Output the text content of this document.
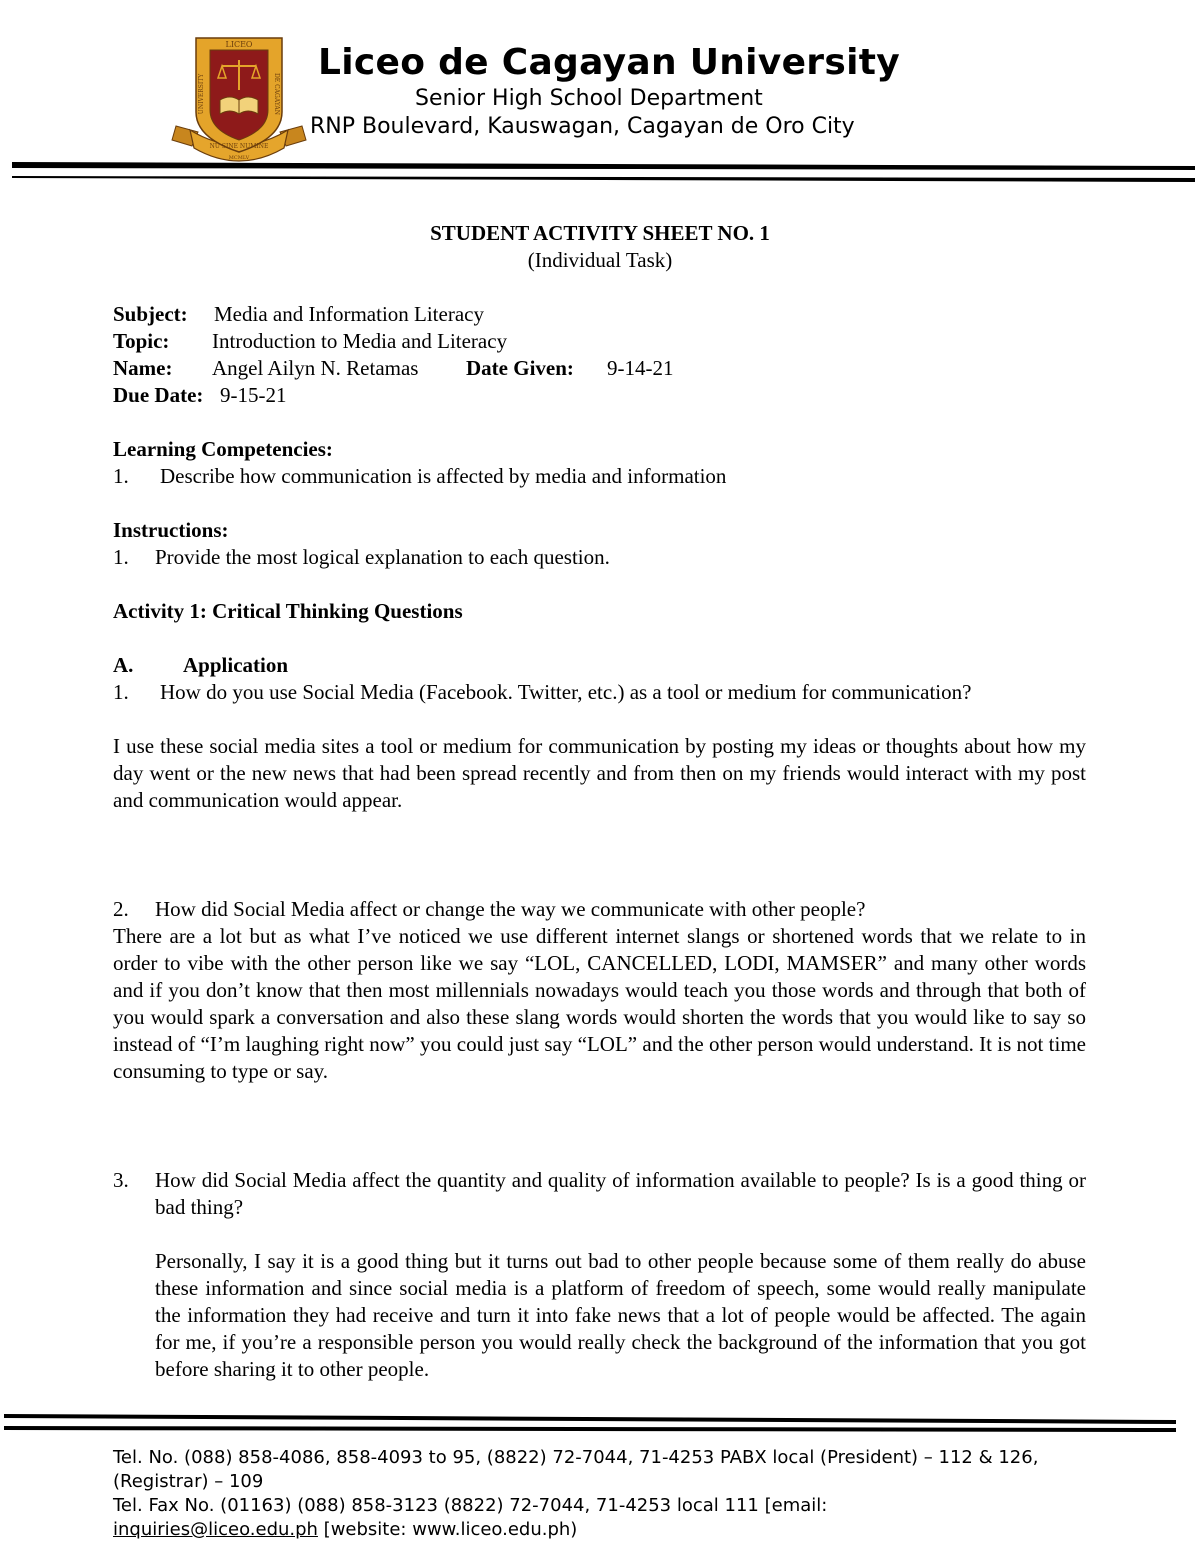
LICEO
NU SINE NUMINE
MCMLV
UNIVERSITY	DE CAGAYAN
Liceo de Cagayan University
Senior High School Department
RNP Boulevard, Kauswagan, Cagayan de Oro City
STUDENT ACTIVITY SHEET NO. 1
(Individual Task)
Subject: Media and Information Literacy
Topic: Introduction to Media and Literacy
Name: Angel Ailyn N. Retamas Date Given: 9-14-21
Due Date: 9-15-21
Learning Competencies:
1. Describe how communication is affected by media and information
Instructions:
1. Provide the most logical explanation to each question.
Activity 1: Critical Thinking Questions
A. Application
1. How do you use Social Media (Facebook. Twitter, etc.) as a tool or medium for communication?
I use these social media sites a tool or medium for communication by posting my ideas or thoughts about how my day went or the new news that had been spread recently and from then on my friends would interact with my post and communication would appear.
2. How did Social Media affect or change the way we communicate with other people?
There are a lot but as what I’ve noticed we use different internet slangs or shortened words that we relate to in order to vibe with the other person like we say “LOL, CANCELLED, LODI, MAMSER” and many other words and if you don’t know that then most millennials nowadays would teach you those words and through that both of you would spark a conversation and also these slang words would shorten the words that you would like to say so instead of “I’m laughing right now” you could just say “LOL” and the other person would understand. It is not time consuming to type or say.
3. How did Social Media affect the quantity and quality of information available to people? Is is a good thing or bad thing?
Personally, I say it is a good thing but it turns out bad to other people because some of them really do abuse these information and since social media is a platform of freedom of speech, some would really manipulate the information they had receive and turn it into fake news that a lot of people would be affected. The again for me, if you’re a responsible person you would really check the background of the information that you got before sharing it to other people.
Tel. No. (088) 858-4086, 858-4093 to 95, (8822) 72-7044, 71-4253 PABX local (President) – 112 & 126, (Registrar) – 109
Tel. Fax No. (01163) (088) 858-3123 (8822) 72-7044, 71-4253 local 111 [email:
inquiries@liceo.edu.ph [website: www.liceo.edu.ph)
